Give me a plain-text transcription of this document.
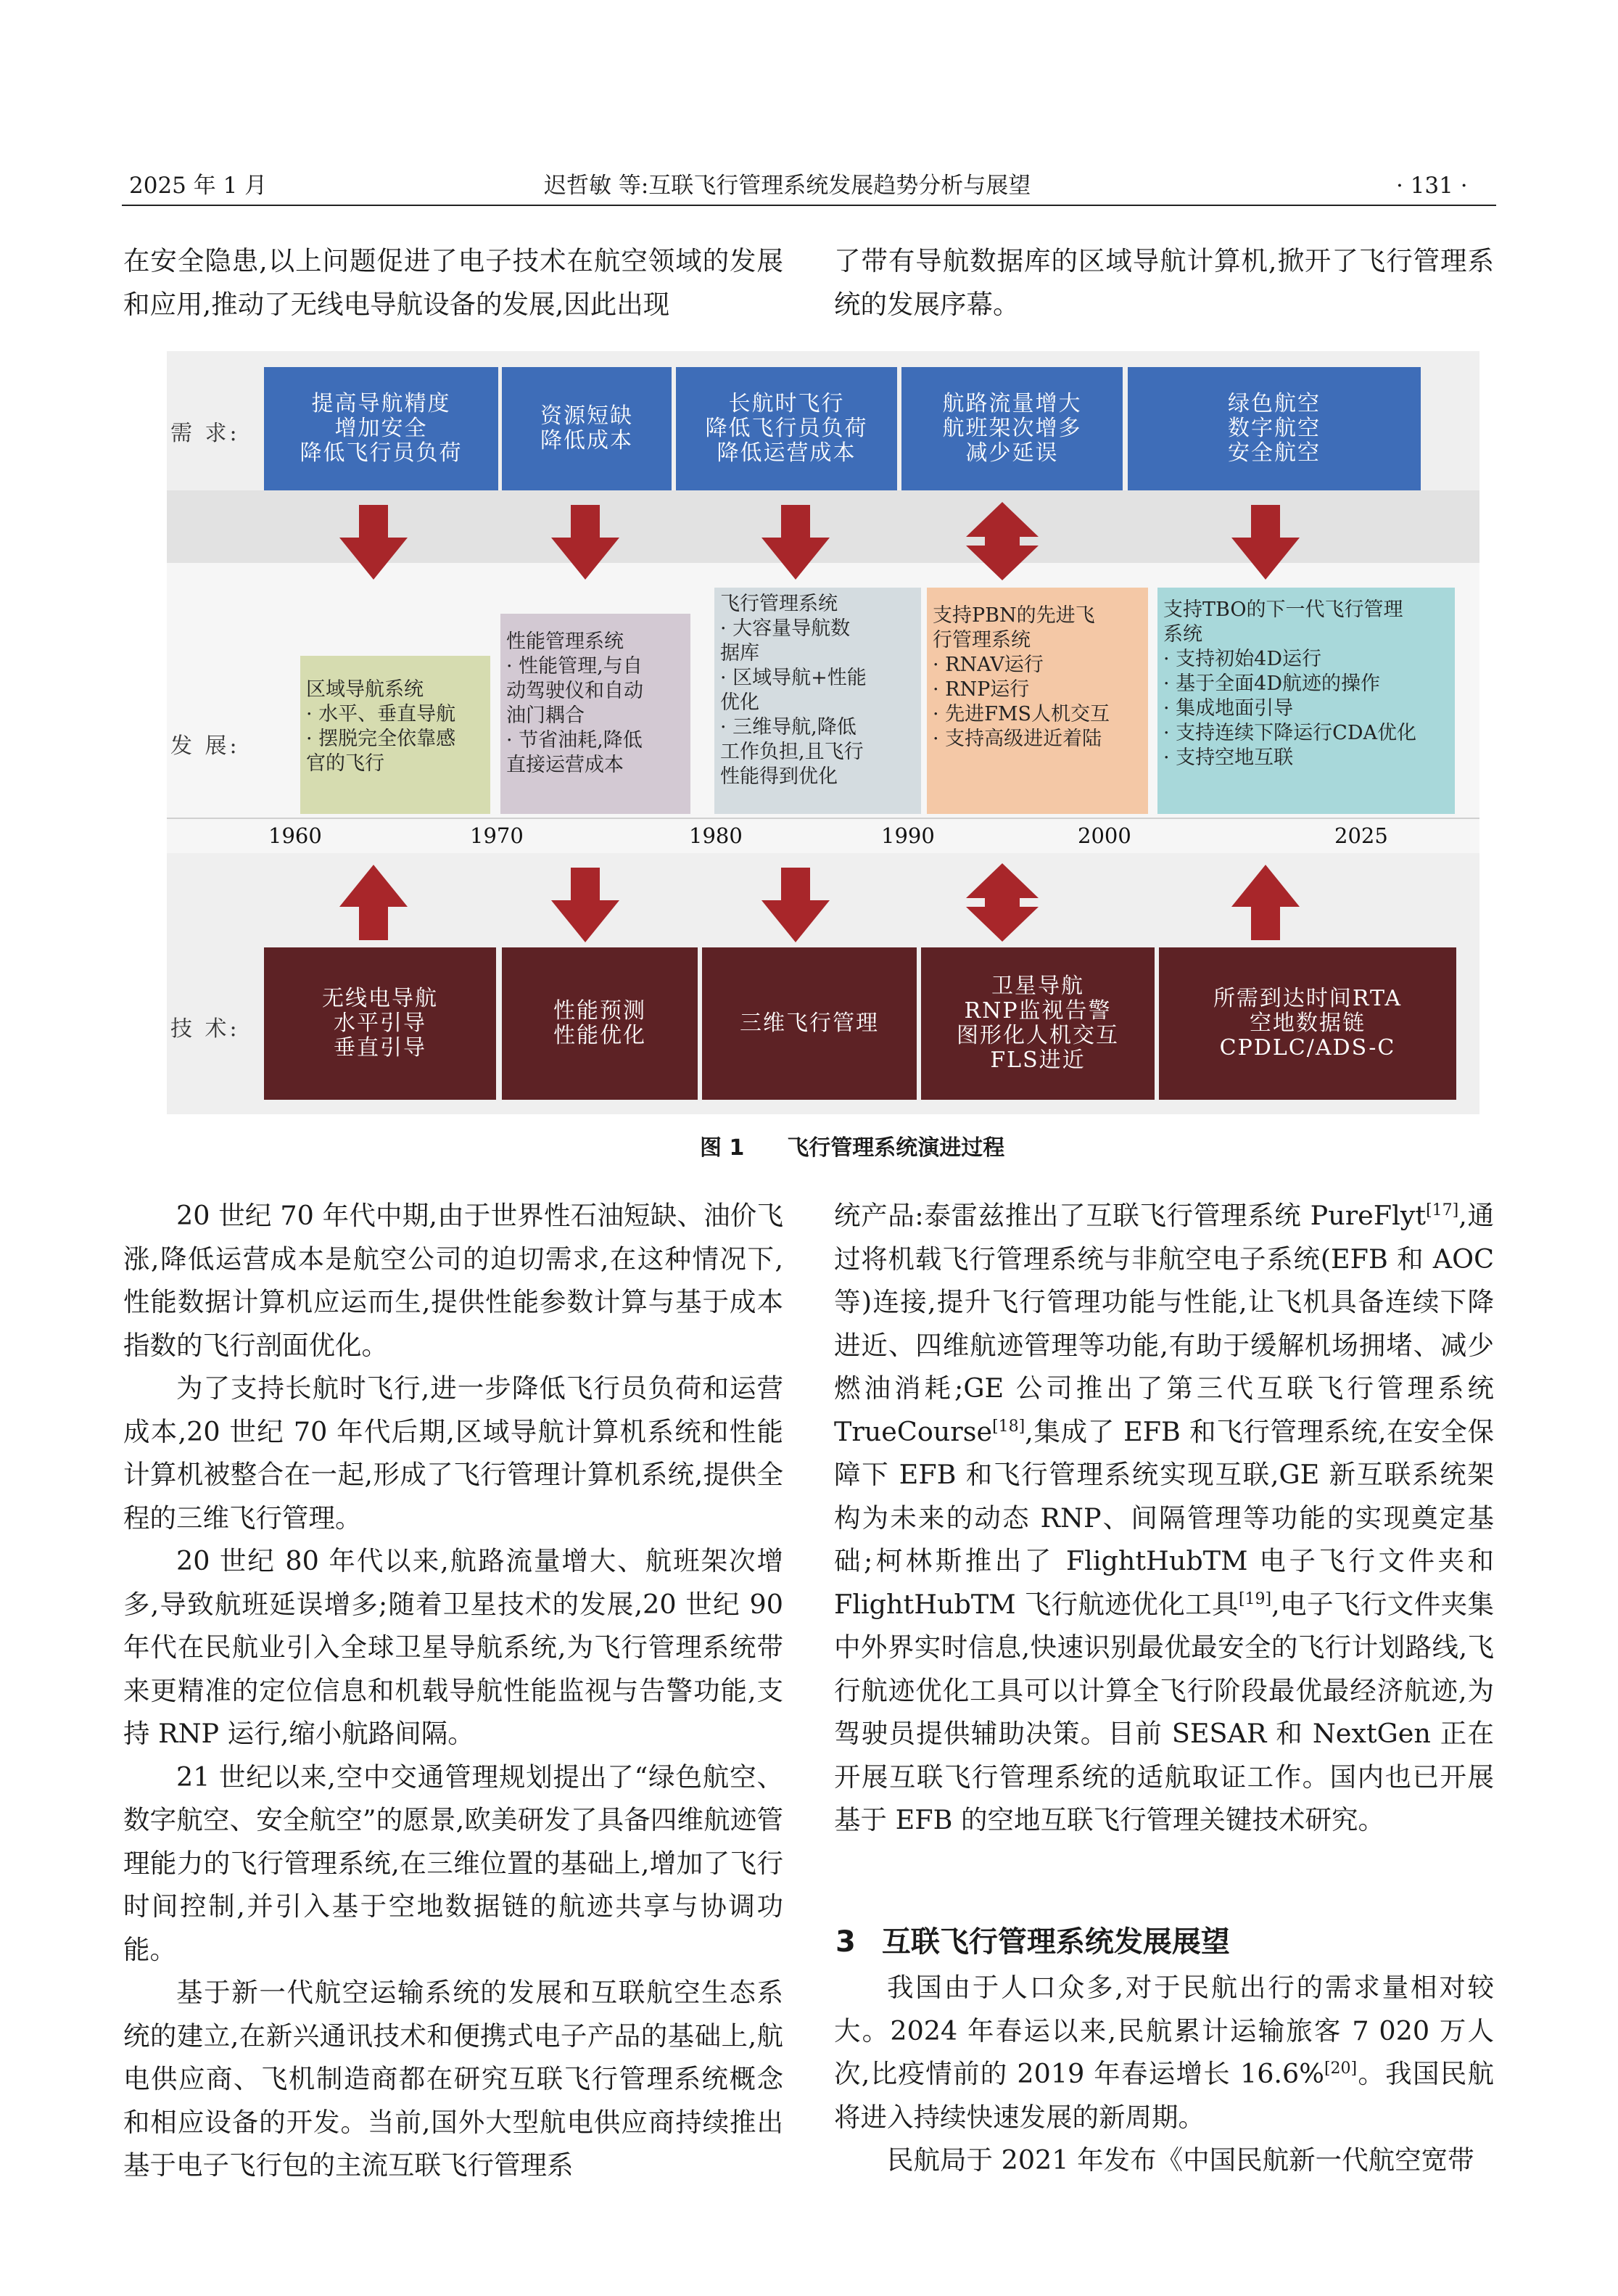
2025 年 1 月	迟哲敏 等:互联飞行管理系统发展趋势分析与展望	· 131 ·

在安全隐患,以上问题促进了电子技术在航空领域的发展和应用,推动了无线电导航设备的发展,因此出现

了带有导航数据库的区域导航计算机,掀开了飞行管理系统的发展序幕。

提高导航精度
增加安全
降低飞行员负荷
资源短缺
降低成本
长航时飞行
降低飞行员负荷
降低运营成本
航路流量增大
航班架次增多
减少延误
绿色航空
数字航空
安全航空
区域导航系统
· 水平、垂直导航
· 摆脱完全依靠感
官的飞行
性能管理系统
· 性能管理,与自
动驾驶仪和自动
油门耦合
· 节省油耗,降低
直接运营成本
飞行管理系统
· 大容量导航数
据库
· 区域导航+性能
优化
· 三维导航,降低
工作负担,且飞行
性能得到优化
支持PBN的先进飞
行管理系统
· RNAV运行
· RNP运行
· 先进FMS人机交互
· 支持高级进近着陆
支持TBO的下一代飞行管理
系统
· 支持初始4D运行
· 基于全面4D航迹的操作
· 集成地面引导
· 支持连续下降运行CDA优化
· 支持空地互联
1960	1970	1980	1990	2000	2025
无线电导航
水平引导
垂直引导
性能预测
性能优化	三维飞行管理
卫星导航
RNP监视告警
图形化人机交互
FLS进近
所需到达时间RTA
空地数据链
CPDLC/ADS-C
需 求:
发 展:
技 术:
图 1 飞行管理系统演进过程

20 世纪 70 年代中期,由于世界性石油短缺、油价飞涨,降低运营成本是航空公司的迫切需求,在这种情况下,性能数据计算机应运而生,提供性能参数计算与基于成本指数的飞行剖面优化。

为了支持长航时飞行,进一步降低飞行员负荷和运营成本,20 世纪 70 年代后期,区域导航计算机系统和性能计算机被整合在一起,形成了飞行管理计算机系统,提供全程的三维飞行管理。

20 世纪 80 年代以来,航路流量增大、航班架次增多,导致航班延误增多;随着卫星技术的发展,20 世纪 90 年代在民航业引入全球卫星导航系统,为飞行管理系统带来更精准的定位信息和机载导航性能监视与告警功能,支持 RNP 运行,缩小航路间隔。

21 世纪以来,空中交通管理规划提出了“绿色航空、数字航空、安全航空”的愿景,欧美研发了具备四维航迹管理能力的飞行管理系统,在三维位置的基础上,增加了飞行时间控制,并引入基于空地数据链的航迹共享与协调功能。

基于新一代航空运输系统的发展和互联航空生态系统的建立,在新兴通讯技术和便携式电子产品的基础上,航电供应商、飞机制造商都在研究互联飞行管理系统概念和相应设备的开发。当前,国外大型航电供应商持续推出基于电子飞行包的主流互联飞行管理系

统产品:泰雷兹推出了互联飞行管理系统 PureFlyt[17],通过将机载飞行管理系统与非航空电子系统(EFB 和 AOC 等)连接,提升飞行管理功能与性能,让飞机具备连续下降进近、四维航迹管理等功能,有助于缓解机场拥堵、减少燃油消耗;GE 公司推出了第三代互联飞行管理系统 TrueCourse[18],集成了 EFB 和飞行管理系统,在安全保障下 EFB 和飞行管理系统实现互联,GE 新互联系统架构为未来的动态 RNP、间隔管理等功能的实现奠定基础;柯林斯推出了 FlightHubTM 电子飞行文件夹和 FlightHubTM 飞行航迹优化工具[19],电子飞行文件夹集中外界实时信息,快速识别最优最安全的飞行计划路线,飞行航迹优化工具可以计算全飞行阶段最优最经济航迹,为驾驶员提供辅助决策。目前 SESAR 和 NextGen 正在开展互联飞行管理系统的适航取证工作。国内也已开展基于 EFB 的空地互联飞行管理关键技术研究。

3 互联飞行管理系统发展展望

我国由于人口众多,对于民航出行的需求量相对较大。2024 年春运以来,民航累计运输旅客 7 020 万人次,比疫情前的 2019 年春运增长 16.6%[20]。我国民航将进入持续快速发展的新周期。

民航局于 2021 年发布《中国民航新一代航空宽带
